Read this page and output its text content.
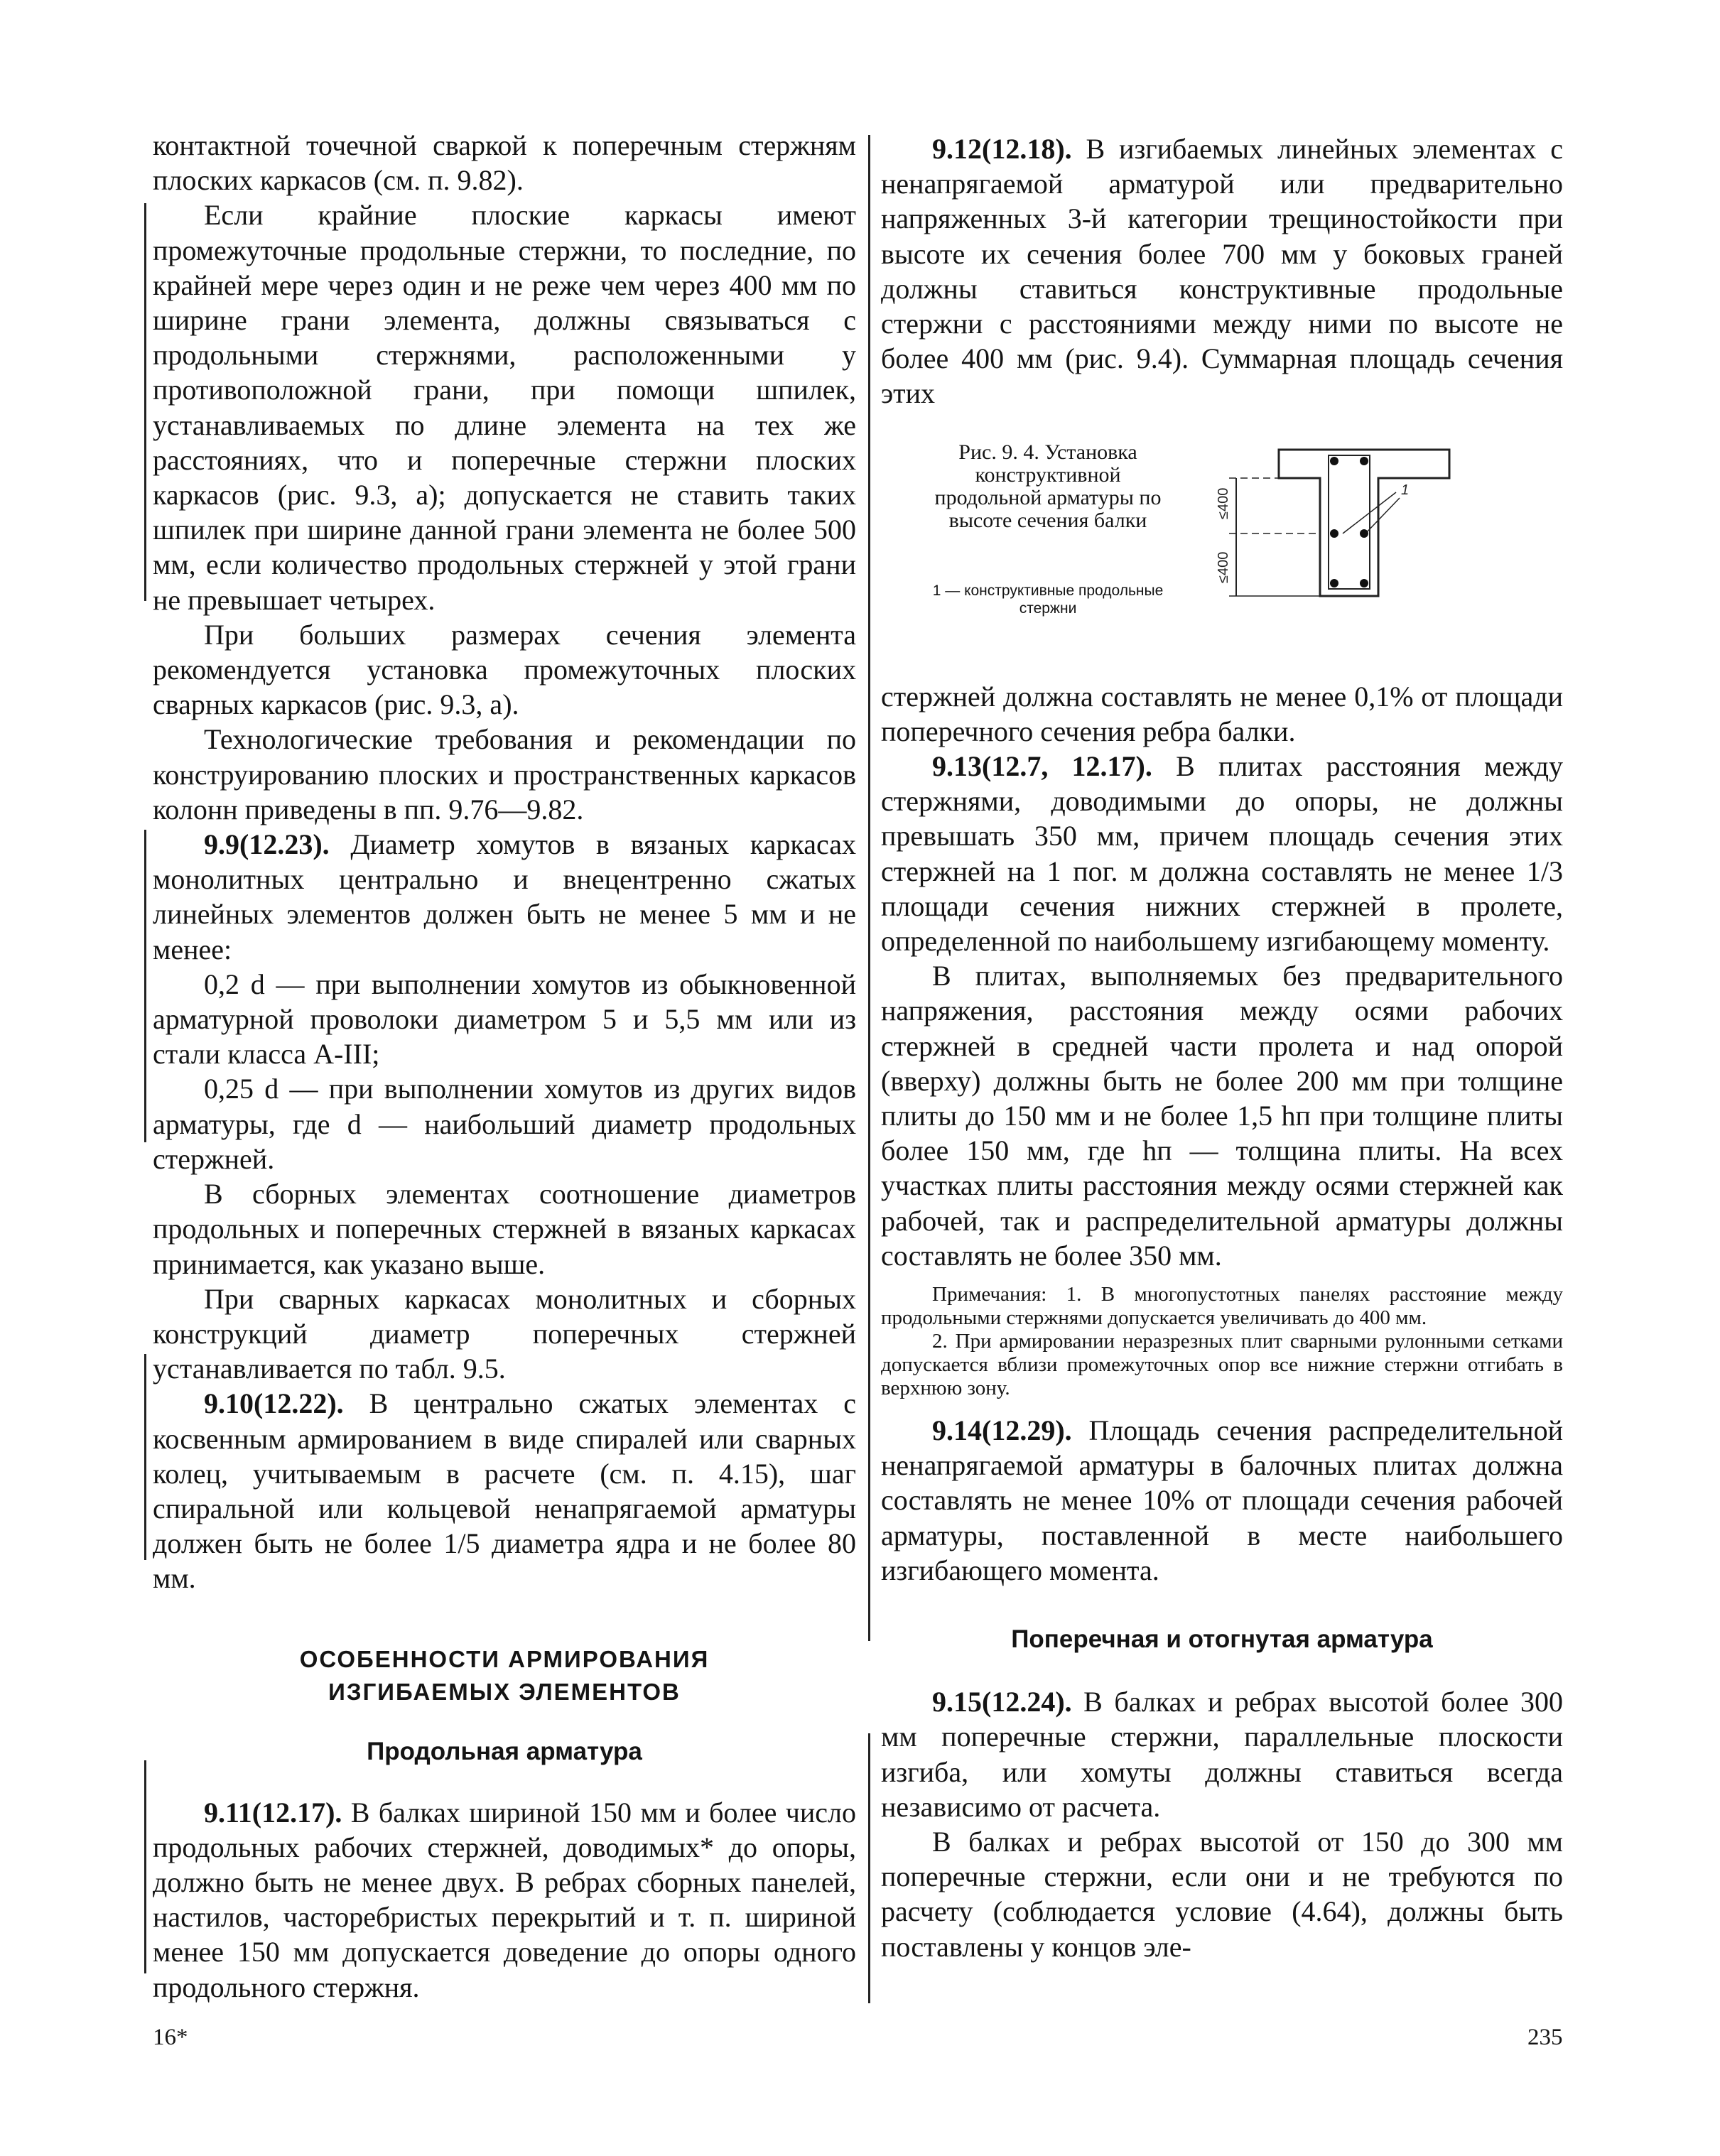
контактной точечной сваркой к поперечным стержням плоских каркасов (см. п. 9.82).

Если крайние плоские каркасы имеют промежуточные продольные стержни, то последние, по крайней мере через один и не реже чем через 400 мм по ширине грани элемента, должны связываться с продольными стержнями, расположенными у противоположной грани, при помощи шпилек, устанавливаемых по длине элемента на тех же расстояниях, что и поперечные стержни плоских каркасов (рис. 9.3, а); допускается не ставить таких шпилек при ширине данной грани элемента не более 500 мм, если количество продольных стержней у этой грани не превышает четырех.

При больших размерах сечения элемента рекомендуется установка промежуточных плоских сварных каркасов (рис. 9.3, а).

Технологические требования и рекомендации по конструированию плоских и пространственных каркасов колонн приведены в пп. 9.76—9.82.

9.9(12.23). Диаметр хомутов в вязаных каркасах монолитных центрально и внецентренно сжатых линейных элементов должен быть не менее 5 мм и не менее:

0,2 d — при выполнении хомутов из обыкновенной арматурной проволоки диаметром 5 и 5,5 мм или из стали класса А-III;

0,25 d — при выполнении хомутов из других видов арматуры, где d — наибольший диаметр продольных стержней.

В сборных элементах соотношение диаметров продольных и поперечных стержней в вязаных каркасах принимается, как указано выше.

При сварных каркасах монолитных и сборных конструкций диаметр поперечных стержней устанавливается по табл. 9.5.

9.10(12.22). В центрально сжатых элементах с косвенным армированием в виде спиралей или сварных колец, учитываемым в расчете (см. п. 4.15), шаг спиральной или кольцевой ненапрягаемой арматуры должен быть не более 1/5 диаметра ядра и не более 80 мм.

ОСОБЕННОСТИ АРМИРОВАНИЯ
ИЗГИБАЕМЫХ ЭЛЕМЕНТОВ
Продольная арматура

9.11(12.17). В балках шириной 150 мм и более число продольных рабочих стержней, доводимых* до опоры, должно быть не менее двух. В ребрах сборных панелей, настилов, часторебристых перекрытий и т. п. шириной менее 150 мм допускается доведение до опоры одного продольного стержня.

9.12(12.18). В изгибаемых линейных элементах с ненапрягаемой арматурой или предварительно напряженных 3-й категории трещиностойкости при высоте их сечения более 700 мм у боковых граней должны ставиться конструктивные продольные стержни с расстояниями между ними по высоте не более 400 мм (рис. 9.4). Суммарная площадь сечения этих

Рис. 9. 4. Установка конструктивной продольной арматуры по высоте сечения балки
1 — конструктивные продольные стержни
≤400
≤400
1

стержней должна составлять не менее 0,1% от площади поперечного сечения ребра балки.

9.13(12.7, 12.17). В плитах расстояния между стержнями, доводимыми до опоры, не должны превышать 350 мм, причем площадь сечения этих стержней на 1 пог. м должна составлять не менее 1/3 площади сечения нижних стержней в пролете, определенной по наибольшему изгибающему моменту.

В плитах, выполняемых без предварительного напряжения, расстояния между осями рабочих стержней в средней части пролета и над опорой (вверху) должны быть не более 200 мм при толщине плиты до 150 мм и не более 1,5 hп при толщине плиты более 150 мм, где hп — толщина плиты. На всех участках плиты расстояния между осями стержней как рабочей, так и распределительной арматуры должны составлять не более 350 мм.

Примечания: 1. В многопустотных панелях расстояние между продольными стержнями допускается увеличивать до 400 мм.

2. При армировании неразрезных плит сварными рулонными сетками допускается вблизи промежуточных опор все нижние стержни отгибать в верхнюю зону.

9.14(12.29). Площадь сечения распределительной ненапрягаемой арматуры в балочных плитах должна составлять не менее 10% от площади сечения рабочей арматуры, поставленной в месте наибольшего изгибающего момента.

Поперечная и отогнутая арматура

9.15(12.24). В балках и ребрах высотой более 300 мм поперечные стержни, параллельные плоскости изгиба, или хомуты должны ставиться всегда независимо от расчета.

В балках и ребрах высотой от 150 до 300 мм поперечные стержни, если они и не требуются по расчету (соблюдается условие (4.64), должны быть поставлены у концов эле-

16*	235
